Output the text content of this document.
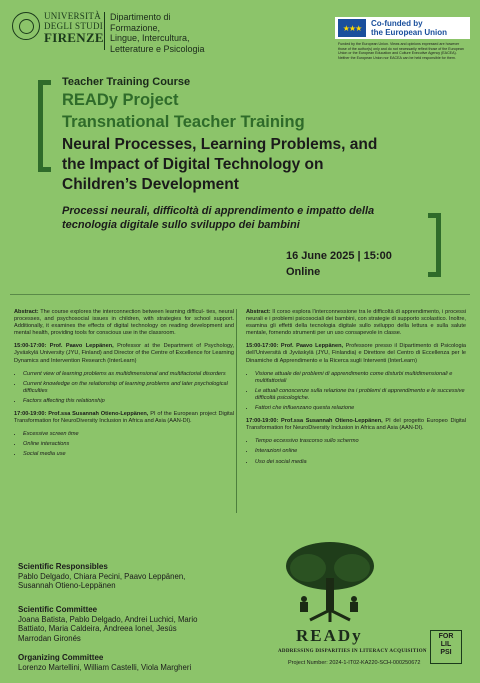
UNIVERSITÀ
DEGLI STUDI
FIRENZE
Dipartimento di Formazione,
Lingue, Intercultura,
Letterature e Psicologia
★★★	Co-funded by
the European Union
Funded by the European Union. Views and opinions expressed are however those of the author(s) only and do not necessarily reflect those of the European Union or the European Education and Culture Executive Agency (EACEA). Neither the European Union nor EACEA can be held responsible for them.
Teacher Training Course
READy Project
Transnational Teacher Training
Neural Processes, Learning Problems, and the Impact of Digital Technology on Children’s Development
Processi neurali, difficoltà di apprendimento e impatto della tecnologia digitale sullo sviluppo dei bambini
16 June 2025 | 15:00
Online

Abstract: The course explores the interconnection between learning difficul- ties, neural processes, and psychosocial issues in children, with strategies for school support. Additionally, it examines the effects of digital technology on reading development and mental health, providing tools for conscious use in the classroom.

15:00-17:00: Prof. Paavo Leppänen, Professor at the Department of Psychology, Jyväskylä University (JYU, Finland) and Director of the Centre of Excellence for Learning Dynamics and Intervention Research (InterLearn)

• Current view of learning problems as multidimensional and multifactorial disorders
• Current knowledge on the relationship of learning problems and later psychological difficulties
• Factors affecting this relationship

17:00-19:00: Prof.ssa Susannah Otieno-Leppänen, PI of the European project Digital Transformation for NeuroDiversity Inclusion in Africa and Asia (AAN-DI).

• Excessive screen time
• Online interactions
• Social media use

Abstract: Il corso esplora l’interconnessione tra le difficoltà di apprendimento, i processi neurali e i problemi psicosociali dei bambini, con strategie di supporto scolastico. Inoltre, esamina gli effetti della tecnologia digitale sullo sviluppo della lettura e sulla salute mentale, fornendo strumenti per un uso consapevole in classe.

15:00-17:00: Prof. Paavo Leppänen, Professore presso il Dipartimento di Psicologia dell’Università di Jyväskylä (JYU, Finlandia) e Direttore del Centro di Eccellenza per le Dinamiche di Apprendimento e la Ricerca sugli Interventi (InterLearn)

• Visione attuale dei problemi di apprendimento come disturbi multidimensionali e multifattoriali
• Le attuali conoscenze sulla relazione tra i problemi di apprendimento e le successive difficoltà psicologiche.
• Fattori che influenzano questa relazione

17:00-19:00: Prof.ssa Susannah Otieno-Leppänen, PI del progetto Europeo Digital Transformation for NeuroDiversity Inclusion in Africa and Asia (AAN-DI).

• Tempo eccessivo trascorso sullo schermo
• Interazioni online
• Uso dei social media
Scientific Responsibles
Pablo Delgado, Chiara Pecini, Paavo Leppänen,
Susannah Otieno-Leppänen
Scientific Committee
Joana Batista, Pablo Delgado, Andrei Luchici, Mario
Battiato, Maria Caldeira, Andreea Ionel, Jesús
Marrodan Gironés
Organizing Committee
Lorenzo Martellini, William Castelli, Viola Margheri
READy
ADDRESSING DISPARITIES IN LITERACY ACQUISITION
Project Number: 2024-1-IT02-KA220-SCH-000250672
FOR
LIL
PSI
